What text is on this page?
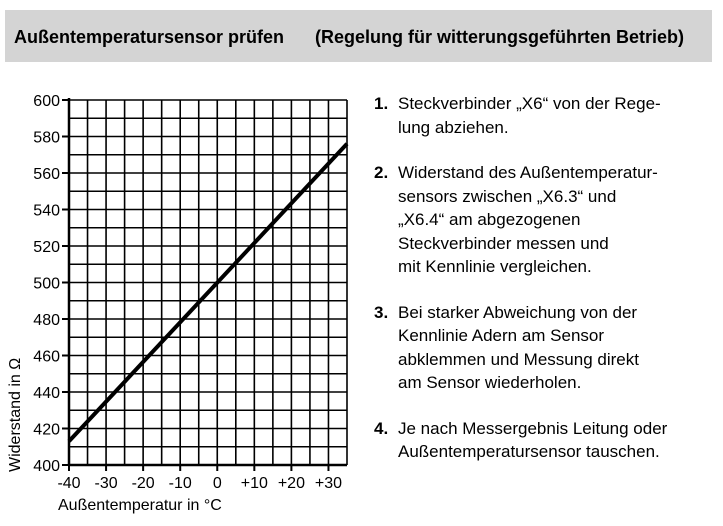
Außentemperatursensor prüfen (Regelung für witterungsgeführten Betrieb)
400
420
440
460
480
500
520
540
560
580
600
-40 -30 -20 -10 0 +10 +20 +30
Außentemperatur in °C
Widerstand in Ω
1. Steckverbinder „X6“ von der Rege-
lung abziehen.
2. Widerstand des Außentemperatur-
sensors zwischen „X6.3“ und
„X6.4“ am abgezogenen
Steckverbinder messen und
mit Kennlinie vergleichen.
3. Bei starker Abweichung von der
Kennlinie Adern am Sensor
abklemmen und Messung direkt
am Sensor wiederholen.
4. Je nach Messergebnis Leitung oder
Außentemperatursensor tauschen.
